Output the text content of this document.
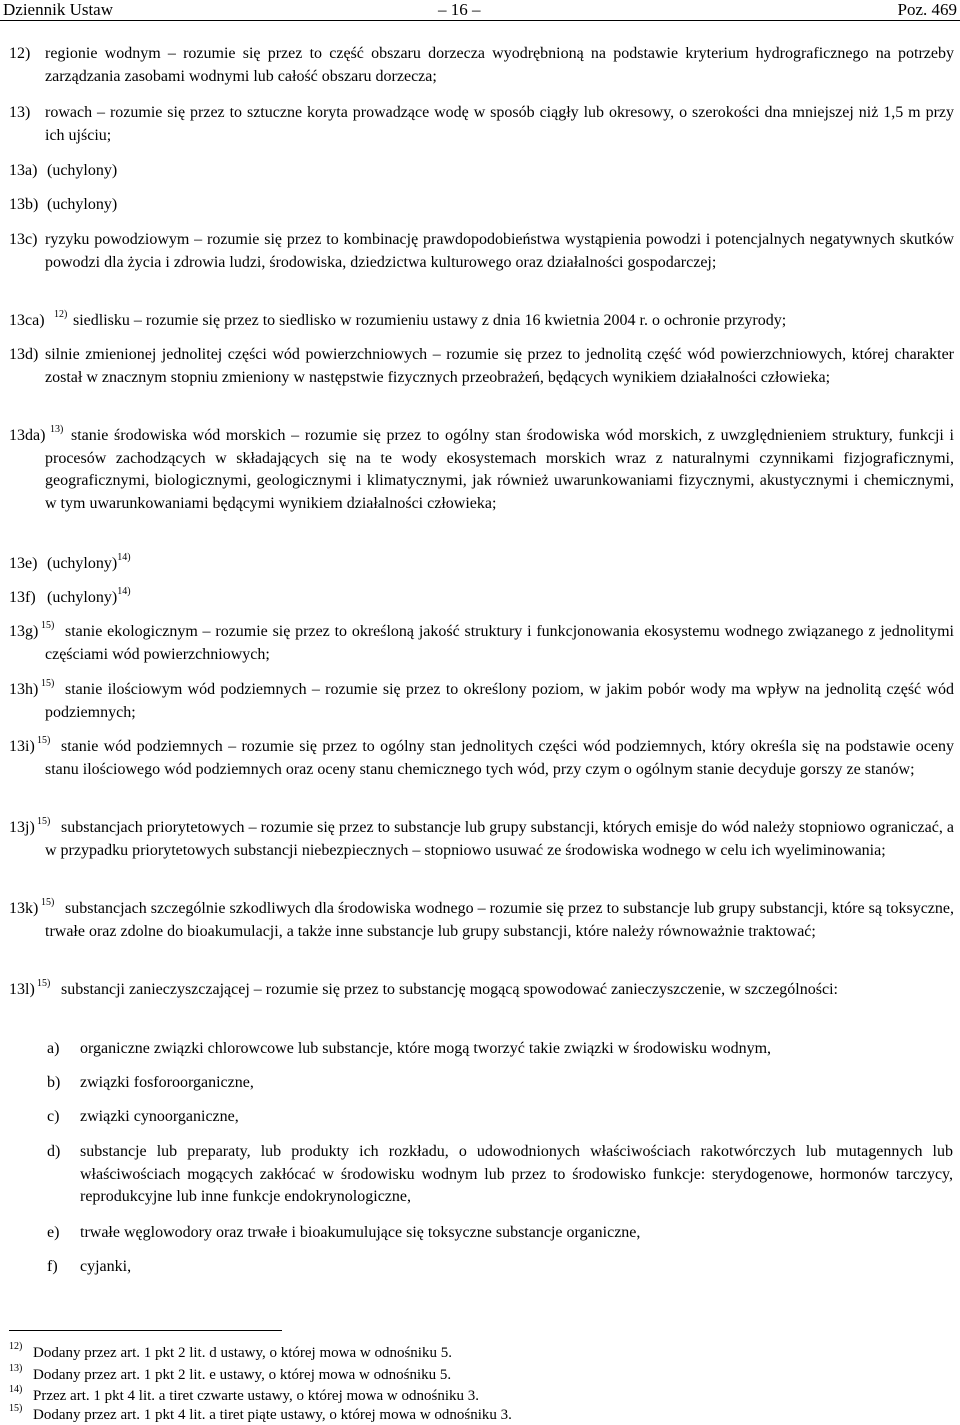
Dziennik Ustaw	– 16 –	Poz. 469
12) regionie wodnym – rozumie się przez to część obszaru dorzecza wyodrębnioną na podstawie kryterium hydrograficznego na potrzeby zarządzania zasobami wodnymi lub całość obszaru dorzecza;
13) rowach – rozumie się przez to sztuczne koryta prowadzące wodę w sposób ciągły lub okresowy, o szerokości dna mniejszej niż 1,5 m przy ich ujściu;
13a) (uchylony)
13b) (uchylony)
13c) ryzyku powodziowym – rozumie się przez to kombinację prawdopodobieństwa wystąpienia powodzi i potencjalnych negatywnych skutków powodzi dla życia i zdrowia ludzi, środowiska, dziedzictwa kulturowego oraz działalności gospodarczej;
13ca) $^{12)}$ siedlisku – rozumie się przez to siedlisko w rozumieniu ustawy z dnia 16 kwietnia 2004 r. o ochronie przyrody;
13d) silnie zmienionej jednolitej części wód powierzchniowych – rozumie się przez to jednolitą część wód powierzchniowych, której charakter został w znacznym stopniu zmieniony w następstwie fizycznych przeobrażeń, będących wynikiem działalności człowieka;
13da) $^{13)}$ stanie środowiska wód morskich – rozumie się przez to ogólny stan środowiska wód morskich, z uwzględnieniem struktury, funkcji i procesów zachodzących w składających się na te wody ekosystemach morskich wraz z naturalnymi czynnikami fizjograficznymi, geograficznymi, biologicznymi, geologicznymi i klimatycznymi, jak również uwarunkowaniami fizycznymi, akustycznymi i chemicznymi, w tym uwarunkowaniami będącymi wynikiem działalności człowieka;
13e) (uchylony)$^{14)}$
13f) (uchylony)$^{14)}$
13g) $^{15)}$ stanie ekologicznym – rozumie się przez to określoną jakość struktury i funkcjonowania ekosystemu wodnego związanego z jednolitymi częściami wód powierzchniowych;
13h) $^{15)}$ stanie ilościowym wód podziemnych – rozumie się przez to określony poziom, w jakim pobór wody ma wpływ na jednolitą część wód podziemnych;
13i) $^{15)}$ stanie wód podziemnych – rozumie się przez to ogólny stan jednolitych części wód podziemnych, który określa się na podstawie oceny stanu ilościowego wód podziemnych oraz oceny stanu chemicznego tych wód, przy czym o ogólnym stanie decyduje gorszy ze stanów;
13j) $^{15)}$ substancjach priorytetowych – rozumie się przez to substancje lub grupy substancji, których emisje do wód należy stopniowo ograniczać, a w przypadku priorytetowych substancji niebezpiecznych – stopniowo usuwać ze środowiska wodnego w celu ich wyeliminowania;
13k) $^{15)}$ substancjach szczególnie szkodliwych dla środowiska wodnego – rozumie się przez to substancje lub grupy substancji, które są toksyczne, trwałe oraz zdolne do bioakumulacji, a także inne substancje lub grupy substancji, które należy równoważnie traktować;
13l) $^{15)}$ substancji zanieczyszczającej – rozumie się przez to substancję mogącą spowodować zanieczyszczenie, w szczególności:
a) organiczne związki chlorowcowe lub substancje, które mogą tworzyć takie związki w środowisku wodnym,
b) związki fosforoorganiczne,
c) związki cynoorganiczne,
d) substancje lub preparaty, lub produkty ich rozkładu, o udowodnionych właściwościach rakotwórczych lub mutagennych lub właściwościach mogących zakłócać w środowisku wodnym lub przez to środowisko funkcje: sterydogenowe, hormonów tarczycy, reprodukcyjne lub inne funkcje endokrynologiczne,
e) trwałe węglowodory oraz trwałe i bioakumulujące się toksyczne substancje organiczne,
f) cyjanki,
12) Dodany przez art. 1 pkt 2 lit. d ustawy, o której mowa w odnośniku 5.
13) Dodany przez art. 1 pkt 2 lit. e ustawy, o której mowa w odnośniku 5.
14) Przez art. 1 pkt 4 lit. a tiret czwarte ustawy, o której mowa w odnośniku 3.
15) Dodany przez art. 1 pkt 4 lit. a tiret piąte ustawy, o której mowa w odnośniku 3.
